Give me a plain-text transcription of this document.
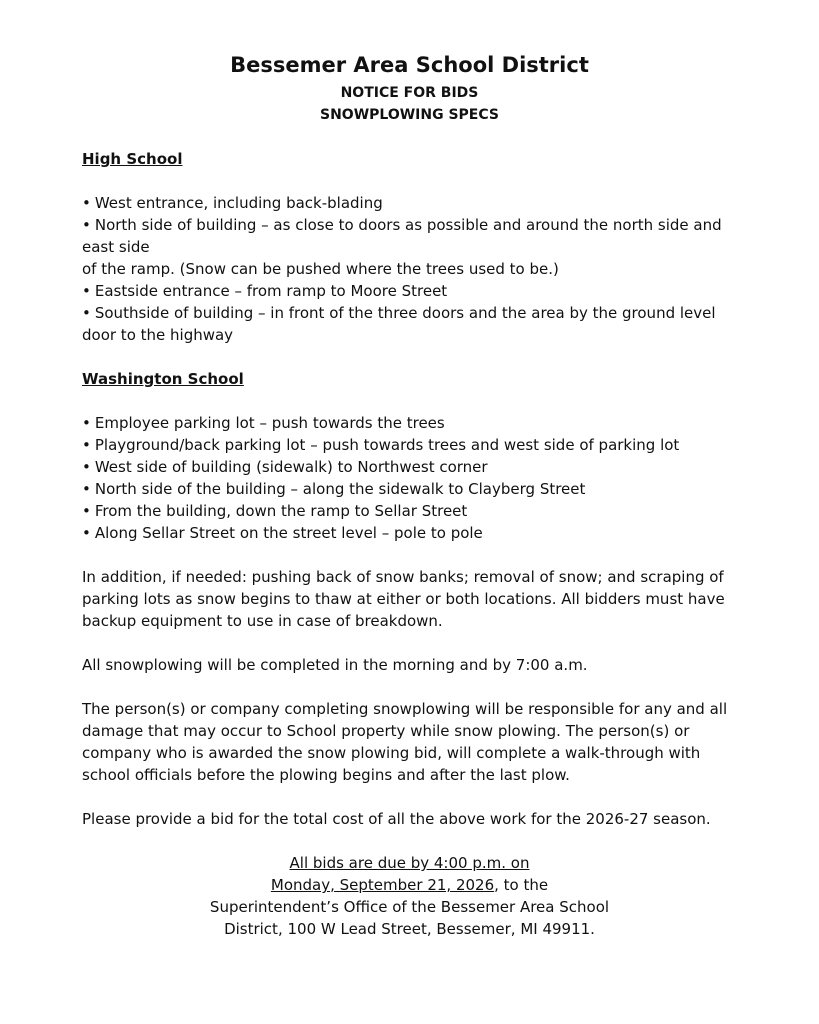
Bessemer Area School District
NOTICE FOR BIDS
SNOWPLOWING SPECS
High School
• West entrance, including back-blading
• North side of building – as close to doors as possible and around the north side and east side
of the ramp. (Snow can be pushed where the trees used to be.)
• Eastside entrance – from ramp to Moore Street
• Southside of building – in front of the three doors and the area by the ground level door to the highway
Washington School
• Employee parking lot – push towards the trees
• Playground/back parking lot – push towards trees and west side of parking lot
• West side of building (sidewalk) to Northwest corner
• North side of the building – along the sidewalk to Clayberg Street
• From the building, down the ramp to Sellar Street
• Along Sellar Street on the street level – pole to pole

In addition, if needed: pushing back of snow banks; removal of snow; and scraping of parking lots as snow begins to thaw at either or both locations. All bidders must have backup equipment to use in case of breakdown.

All snowplowing will be completed in the morning and by 7:00 a.m.

The person(s) or company completing snowplowing will be responsible for any and all damage that may occur to School property while snow plowing. The person(s) or company who is awarded the snow plowing bid, will complete a walk-through with school officials before the plowing begins and after the last plow.

Please provide a bid for the total cost of all the above work for the 2026-27 season.

All bids are due by 4:00 p.m. on
Monday, September 21, 2026, to the
Superintendent’s Office of the Bessemer Area School
District, 100 W Lead Street, Bessemer, MI 49911.
